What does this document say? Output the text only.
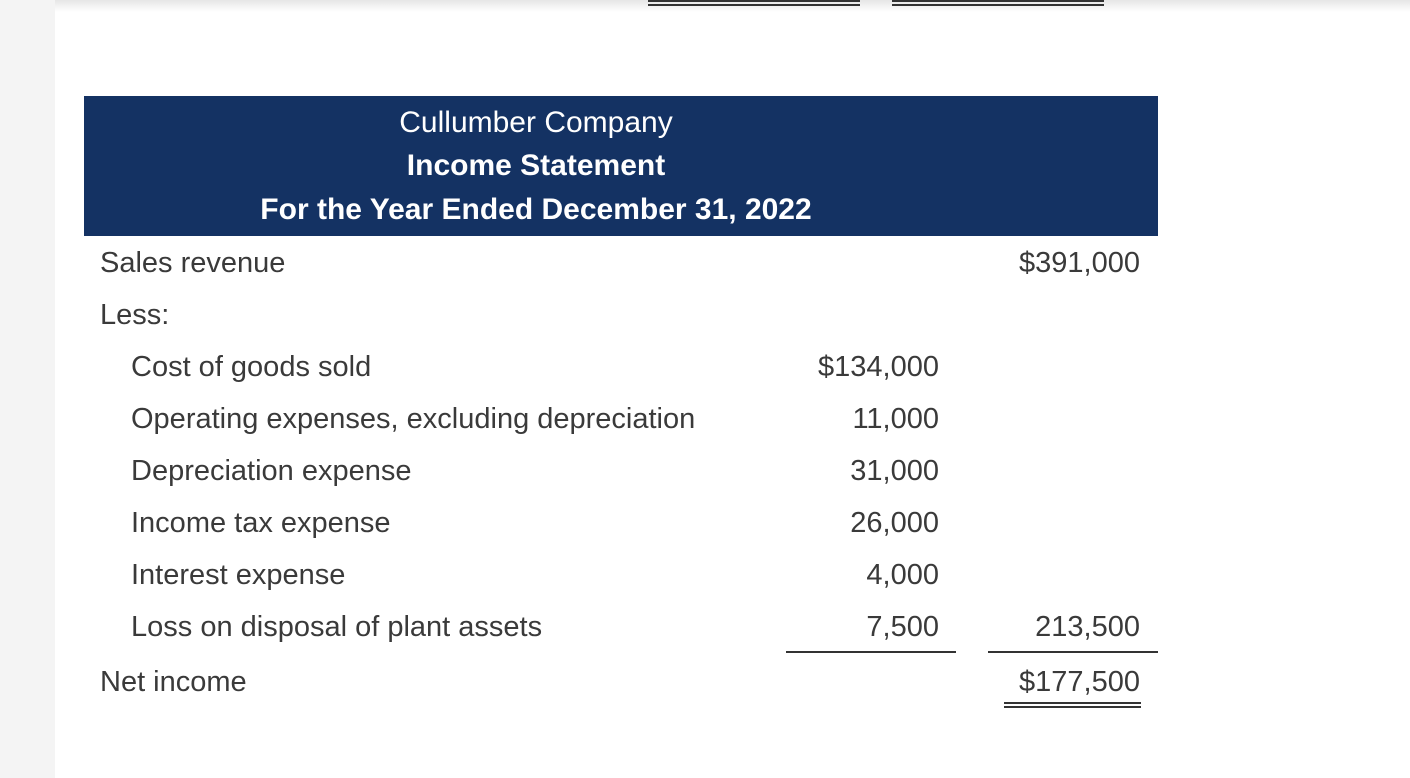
Cullumber Company
Income Statement
For the Year Ended December 31, 2022
Sales revenue	$391,000
Less:
Cost of goods sold	$134,000
Operating expenses, excluding depreciation	11,000
Depreciation expense	31,000
Income tax expense	26,000
Interest expense	4,000
Loss on disposal of plant assets	7,500	213,500
Net income	$177,500
